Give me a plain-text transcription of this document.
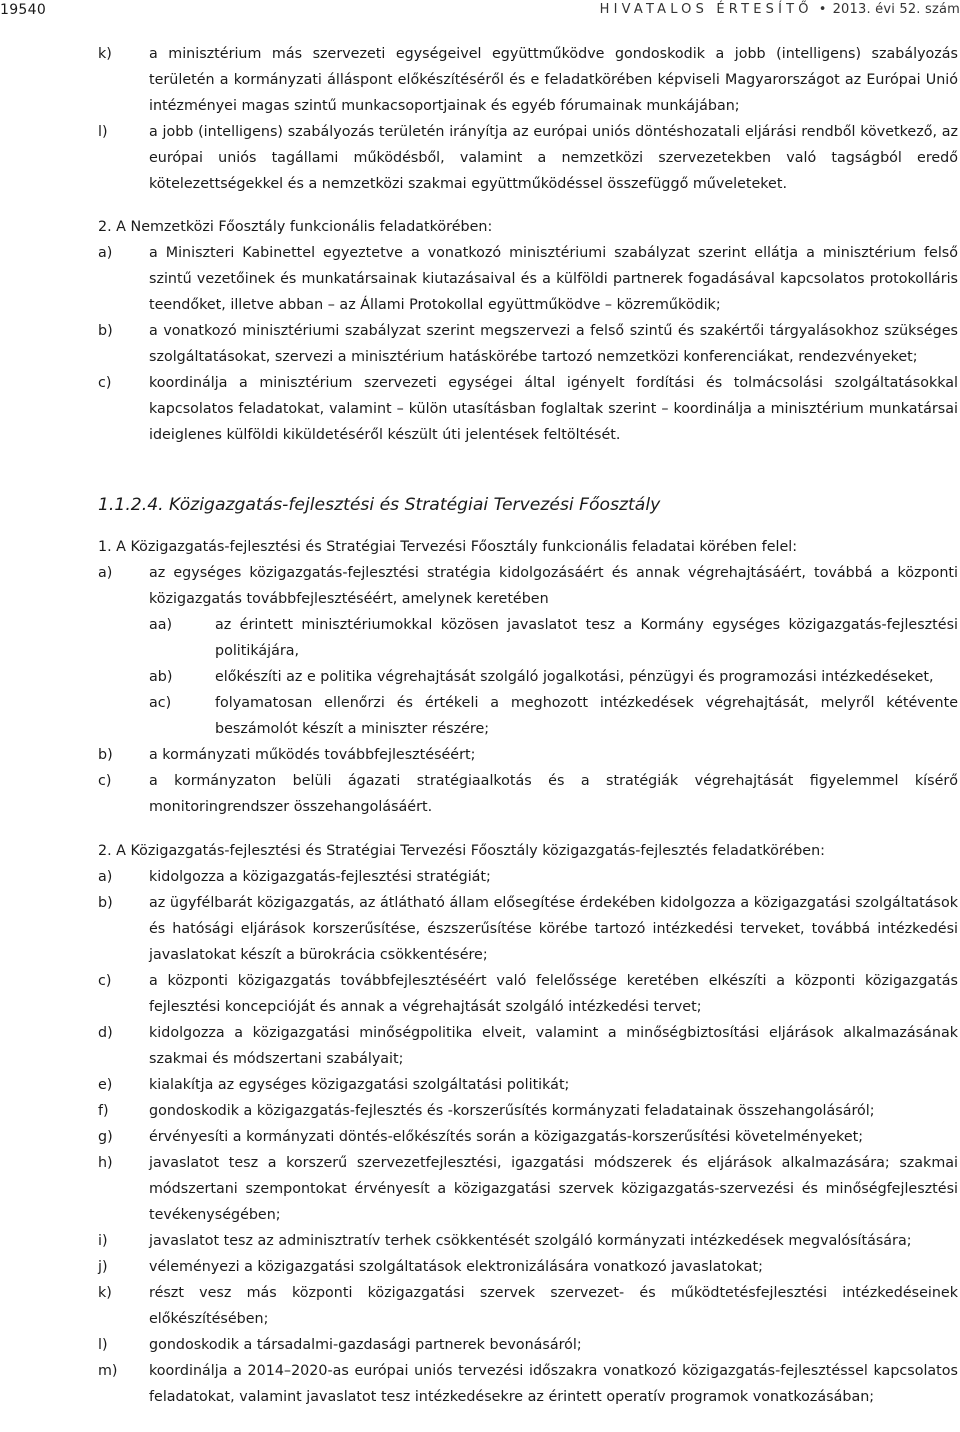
19540	HIVATALOS ÉRTESÍTŐ • 2013. évi 52. szám
k)	a minisztérium más szervezeti egységeivel együttműködve gondoskodik a jobb (intelligens) szabályozás területén a kormányzati álláspont előkészítéséről és e feladatkörében képviseli Magyarországot az Európai Unió intézményei magas szintű munkacsoportjainak és egyéb fórumainak munkájában;
l)	a jobb (intelligens) szabályozás területén irányítja az európai uniós döntéshozatali eljárási rendből következő, az európai uniós tagállami működésből, valamint a nemzetközi szervezetekben való tagságból eredő kötelezettségekkel és a nemzetközi szakmai együttműködéssel összefüggő műveleteket.

2. A Nemzetközi Főosztály funkcionális feladatkörében:

a)	a Miniszteri Kabinettel egyeztetve a vonatkozó minisztériumi szabályzat szerint ellátja a minisztérium felső szintű vezetőinek és munkatársainak kiutazásaival és a külföldi partnerek fogadásával kapcsolatos protokolláris teendőket, illetve abban – az Állami Protokollal együttműködve – közreműködik;
b)	a vonatkozó minisztériumi szabályzat szerint megszervezi a felső szintű és szakértői tárgyalásokhoz szükséges szolgáltatásokat, szervezi a minisztérium hatáskörébe tartozó nemzetközi konferenciákat, rendezvényeket;
c)	koordinálja a minisztérium szervezeti egységei által igényelt fordítási és tolmácsolási szolgáltatásokkal kapcsolatos feladatokat, valamint – külön utasításban foglaltak szerint – koordinálja a minisztérium munkatársai ideiglenes külföldi kiküldetéséről készült úti jelentések feltöltését.

1.1.2.4. Közigazgatás-fejlesztési és Stratégiai Tervezési Főosztály

1. A Közigazgatás-fejlesztési és Stratégiai Tervezési Főosztály funkcionális feladatai körében felel:

a)	az egységes közigazgatás-fejlesztési stratégia kidolgozásáért és annak végrehajtásáért, továbbá a központi közigazgatás továbbfejlesztéséért, amelynek keretében
aa)	az érintett minisztériumokkal közösen javaslatot tesz a Kormány egységes közigazgatás-fejlesztési politikájára,
ab)	előkészíti az e politika végrehajtását szolgáló jogalkotási, pénzügyi és programozási intézkedéseket,
ac)	folyamatosan ellenőrzi és értékeli a meghozott intézkedések végrehajtását, melyről kétévente beszámolót készít a miniszter részére;
b)	a kormányzati működés továbbfejlesztéséért;
c)	a kormányzaton belüli ágazati stratégiaalkotás és a stratégiák végrehajtását figyelemmel kísérő monitoringrendszer összehangolásáért.

2. A Közigazgatás-fejlesztési és Stratégiai Tervezési Főosztály közigazgatás-fejlesztés feladatkörében:

a)	kidolgozza a közigazgatás-fejlesztési stratégiát;
b)	az ügyfélbarát közigazgatás, az átlátható állam elősegítése érdekében kidolgozza a közigazgatási szolgáltatások és hatósági eljárások korszerűsítése, észszerűsítése körébe tartozó intézkedési terveket, továbbá intézkedési javaslatokat készít a bürokrácia csökkentésére;
c)	a központi közigazgatás továbbfejlesztéséért való felelőssége keretében elkészíti a központi közigazgatás fejlesztési koncepcióját és annak a végrehajtását szolgáló intézkedési tervet;
d)	kidolgozza a közigazgatási minőségpolitika elveit, valamint a minőségbiztosítási eljárások alkalmazásának szakmai és módszertani szabályait;
e)	kialakítja az egységes közigazgatási szolgáltatási politikát;
f)	gondoskodik a közigazgatás-fejlesztés és -korszerűsítés kormányzati feladatainak összehangolásáról;
g)	érvényesíti a kormányzati döntés-előkészítés során a közigazgatás-korszerűsítési követelményeket;
h)	javaslatot tesz a korszerű szervezetfejlesztési, igazgatási módszerek és eljárások alkalmazására; szakmai módszertani szempontokat érvényesít a közigazgatási szervek közigazgatás-szervezési és minőségfejlesztési tevékenységében;
i)	javaslatot tesz az adminisztratív terhek csökkentését szolgáló kormányzati intézkedések megvalósítására;
j)	véleményezi a közigazgatási szolgáltatások elektronizálására vonatkozó javaslatokat;
k)	részt vesz más központi közigazgatási szervek szervezet- és működtetésfejlesztési intézkedéseinek előkészítésében;
l)	gondoskodik a társadalmi-gazdasági partnerek bevonásáról;
m)	koordinálja a 2014–2020-as európai uniós tervezési időszakra vonatkozó közigazgatás-fejlesztéssel kapcsolatos feladatokat, valamint javaslatot tesz intézkedésekre az érintett operatív programok vonatkozásában;
